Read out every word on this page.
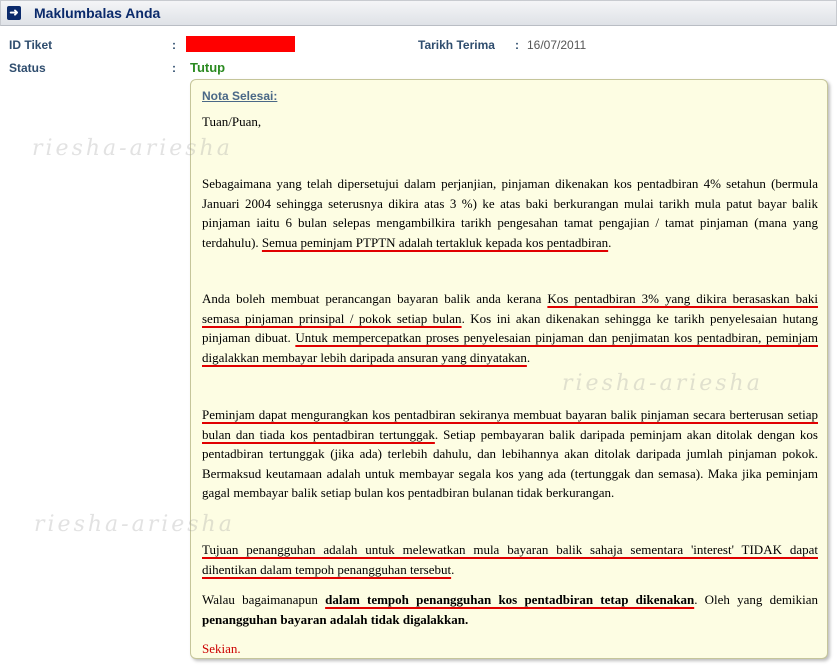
➜ Maklumbalas Anda
ID Tiket	:	Tarikh Terima : 16/07/2011
Status	: Tutup
Nota Selesai:

Tuan/Puan,

Sebagaimana yang telah dipersetujui dalam perjanjian, pinjaman dikenakan kos pentadbiran 4% setahun (bermula Januari 2004 sehingga seterusnya dikira atas 3 %) ke atas baki berkurangan mulai tarikh mula patut bayar balik pinjaman iaitu 6 bulan selepas mengambilkira tarikh pengesahan tamat pengajian / tamat pinjaman (mana yang terdahulu). Semua peminjam PTPTN adalah tertakluk kepada kos pentadbiran.

Anda boleh membuat perancangan bayaran balik anda kerana Kos pentadbiran 3% yang dikira berasaskan baki semasa pinjaman prinsipal / pokok setiap bulan. Kos ini akan dikenakan sehingga ke tarikh penyelesaian hutang pinjaman dibuat. Untuk mempercepatkan proses penyelesaian pinjaman dan penjimatan kos pentadbiran, peminjam digalakkan membayar lebih daripada ansuran yang dinyatakan.

Peminjam dapat mengurangkan kos pentadbiran sekiranya membuat bayaran balik pinjaman secara berterusan setiap bulan dan tiada kos pentadbiran tertunggak. Setiap pembayaran balik daripada peminjam akan ditolak dengan kos pentadbiran tertunggak (jika ada) terlebih dahulu, dan lebihannya akan ditolak daripada jumlah pinjaman pokok. Bermaksud keutamaan adalah untuk membayar segala kos yang ada (tertunggak dan semasa). Maka jika peminjam gagal membayar balik setiap bulan kos pentadbiran bulanan tidak berkurangan.

Tujuan penangguhan adalah untuk melewatkan mula bayaran balik sahaja sementara 'interest' TIDAK dapat dihentikan dalam tempoh penangguhan tersebut.

Walau bagaimanapun dalam tempoh penangguhan kos pentadbiran tetap dikenakan. Oleh yang demikian penangguhan bayaran adalah tidak digalakkan.

Sekian.
riesha-ariesha
riesha-ariesha
riesha-ariesha
